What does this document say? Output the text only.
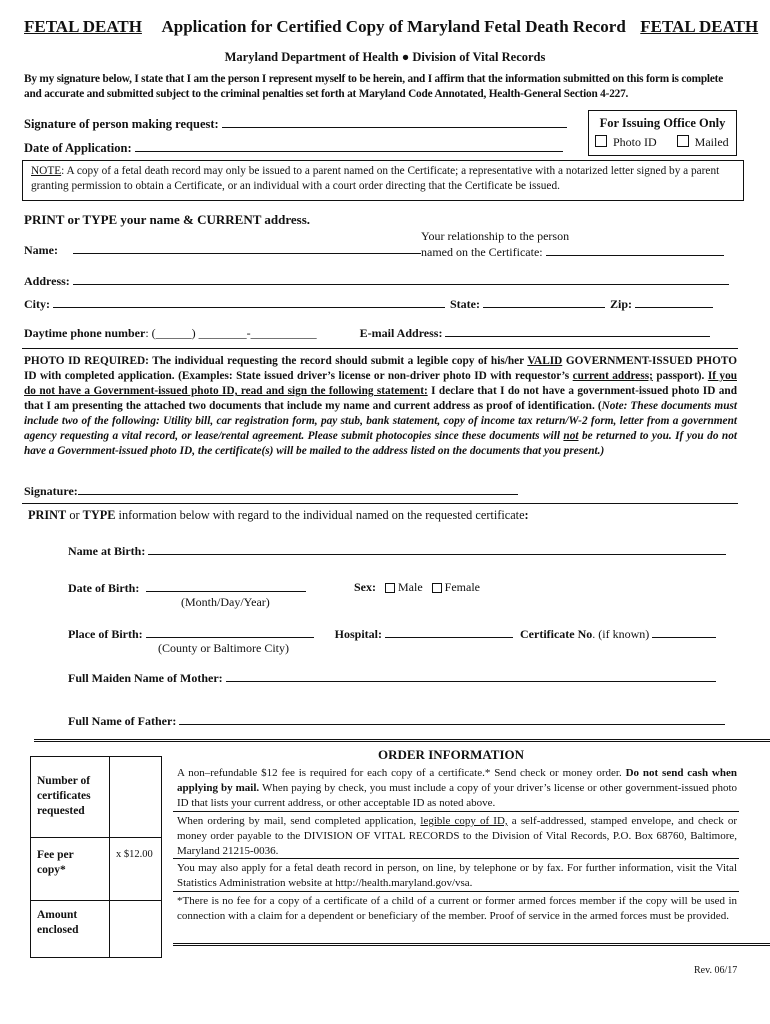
FETAL DEATH Application for Certified Copy of Maryland Fetal Death Record FETAL DEATH
Maryland Department of Health ● Division of Vital Records
By my signature below, I state that I am the person I represent myself to be herein, and I affirm that the information submitted on this form is complete and accurate and submitted subject to the criminal penalties set forth at Maryland Code Annotated, Health-General Section 4-227.
Signature of person making request:
Date of Application:
For Issuing Office Only
Photo ID	Mailed
NOTE: A copy of a fetal death record may only be issued to a parent named on the Certificate; a representative with a notarized letter signed by a parent granting permission to obtain a Certificate, or an individual with a court order directing that the Certificate be issued.
PRINT or TYPE your name & CURRENT address.
Your relationship to the person
named on the Certificate:
Name:
Address:
City:	State:	Zip:
Daytime phone number: (______) ________-___________	E-mail Address:
PHOTO ID REQUIRED: The individual requesting the record should submit a legible copy of his/her VALID GOVERNMENT-ISSUED PHOTO ID with completed application. (Examples: State issued driver’s license or non-driver photo ID with requestor’s current address; passport). If you do not have a Government-issued photo ID, read and sign the following statement: I declare that I do not have a government-issued photo ID and that I am presenting the attached two documents that include my name and current address as proof of identification. (Note: These documents must include two of the following: Utility bill, car registration form, pay stub, bank statement, copy of income tax return/W-2 form, letter from a government agency requesting a vital record, or lease/rental agreement. Please submit photocopies since these documents will not be returned to you. If you do not have a Government-issued photo ID, the certificate(s) will be mailed to the address listed on the documents that you present.)
Signature:
PRINT or TYPE information below with regard to the individual named on the requested certificate:
Name at Birth:
Date of Birth:
(Month/Day/Year)
Sex: Male Female
Place of Birth:	Hospital:	Certificate No. (if known)
(County or Baltimore City)
Full Maiden Name of Mother:
Full Name of Father:
ORDER INFORMATION
Number of certificates requested
Fee per copy*
x $12.00
Amount enclosed
A non–refundable $12 fee is required for each copy of a certificate.* Send check or money order. Do not send cash when applying by mail. When paying by check, you must include a copy of your driver’s license or other government-issued photo ID that lists your current address, or other acceptable ID as noted above.
When ordering by mail, send completed application, legible copy of ID, a self-addressed, stamped envelope, and check or money order payable to the DIVISION OF VITAL RECORDS to the Division of Vital Records, P.O. Box 68760, Baltimore, Maryland 21215-0036.
You may also apply for a fetal death record in person, on line, by telephone or by fax. For further information, visit the Vital Statistics Administration website at http://health.maryland.gov/vsa.
*There is no fee for a copy of a certificate of a child of a current or former armed forces member if the copy will be used in connection with a claim for a dependent or beneficiary of the member. Proof of service in the armed forces must be provided.
Rev. 06/17
